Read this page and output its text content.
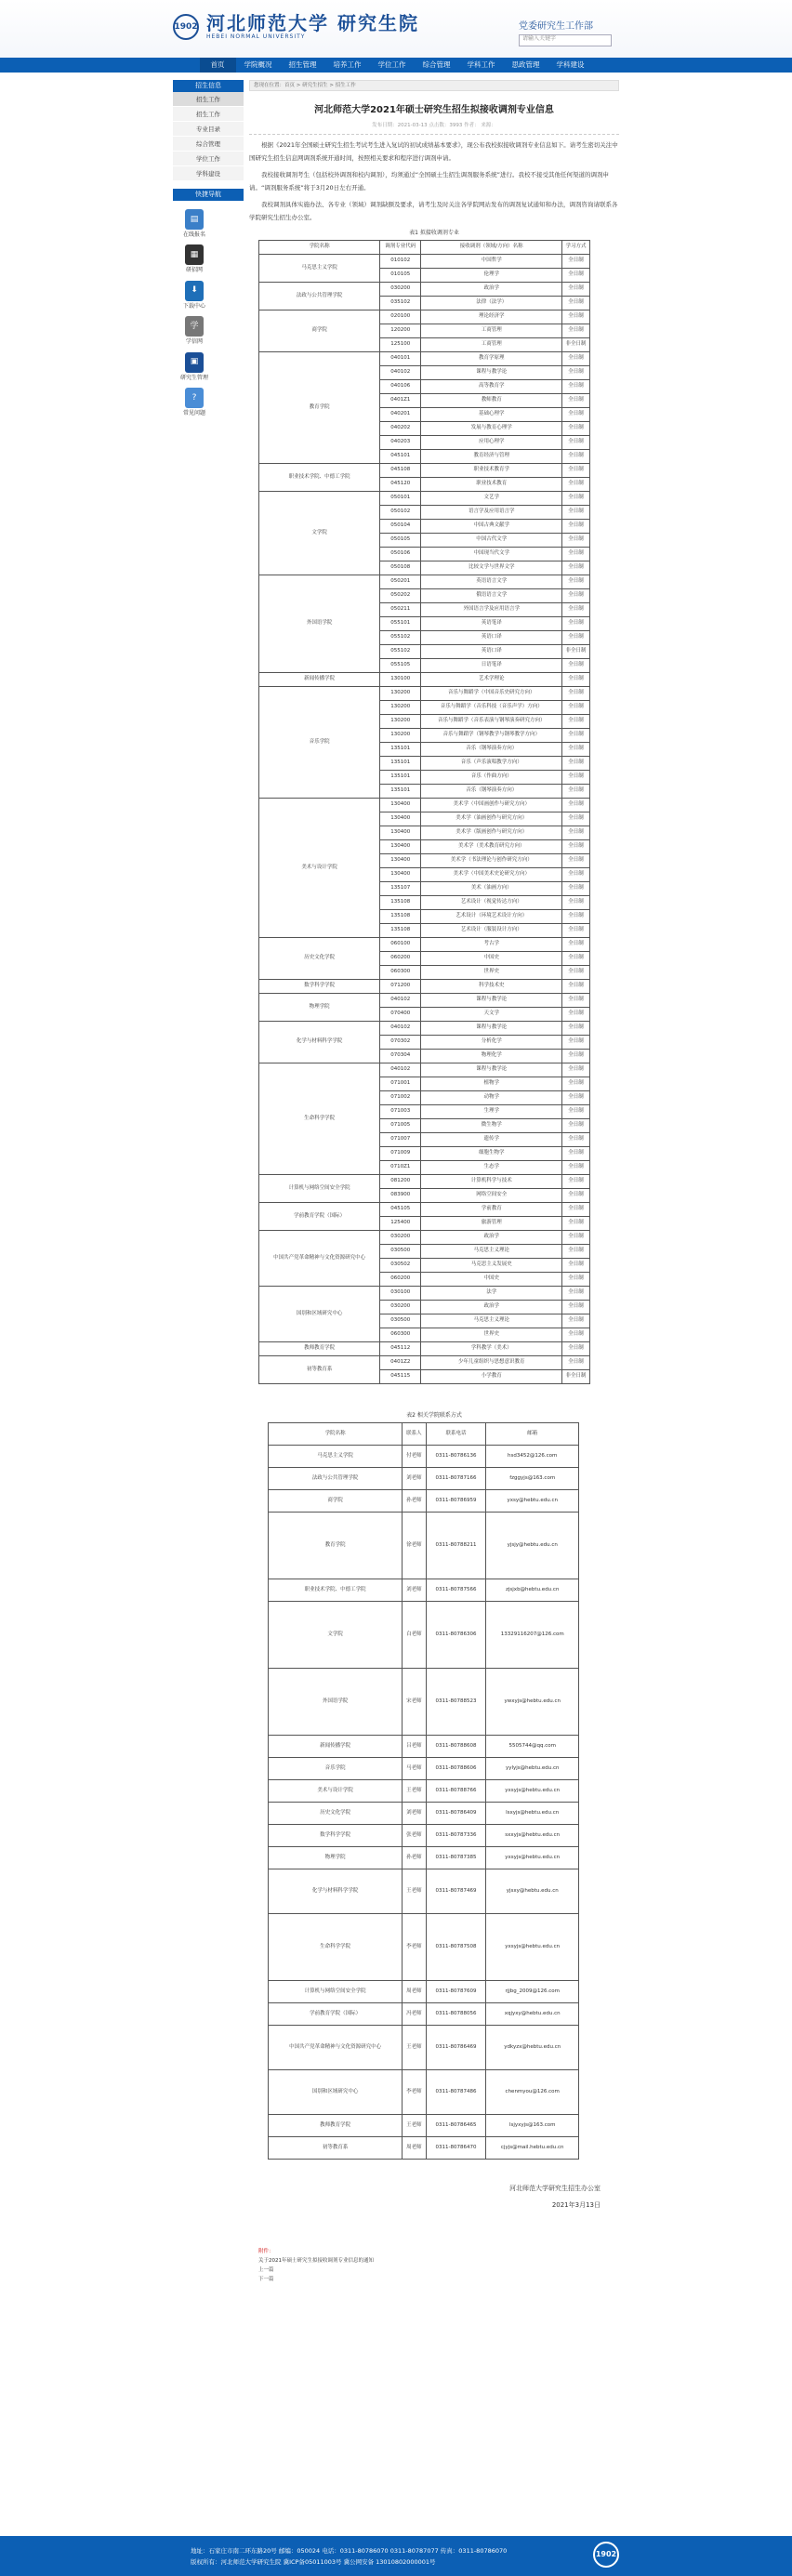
1902 河北师范大学 研究生院
HEBEI NORMAL UNIVERSITY
党委研究生工作部
请输入关键字
首页	学院概况	招生管理	培养工作	学位工作	综合管理	学科工作	思政管理	学科建设
招生信息
招生工作
招生工作
专业目录
综合管理
学位工作
学科建设
快捷导航
▤
在线报名
▦
研招网
⬇
下载中心
学
学信网
▣
研究生管理
?
常见问题
您现在位置：首页 > 研究生招生 > 招生工作
河北师范大学2021年硕士研究生招生拟接收调剂专业信息
发布日期：2021-03-13 点击数：3993 作者： 来源：

根据《2021年全国硕士研究生招生考试考生进入复试的初试成绩基本要求》，现公布我校拟接收调剂专业信息如下。请考生密切关注中国研究生招生信息网调剂系统开通时间，按照相关要求和程序进行调剂申请。

我校接收调剂考生（包括校外调剂和校内调剂），均须通过“全国硕士生招生调剂服务系统”进行。我校不接受其他任何渠道的调剂申请。“调剂服务系统”将于3月20日左右开通。

我校调剂具体实施办法、各专业（领域）调剂缺额及要求，请考生及时关注各学院网站发布的调剂复试通知和办法，调剂咨询请联系各学院研究生招生办公室。

表1 拟接收调剂专业
学院名称	调剂专业代码	接收调剂（领域/方向）名称	学习方式
马克思主义学院	010102	中国哲学	全日制
	010105	伦理学	全日制
法政与公共管理学院	030200	政治学	全日制
	035102	法律（法学）	全日制
商学院	020100	理论经济学	全日制
	120200	工商管理	全日制
	125100	工商管理	非全日制
教育学院	040101	教育学原理	全日制
	040102	课程与教学论	全日制
	040106	高等教育学	全日制
	0401Z1	教师教育	全日制
	040201	基础心理学	全日制
	040202	发展与教育心理学	全日制
	040203	应用心理学	全日制
	045101	教育经济与管理	全日制
职业技术学院、中德工学院	045108	职业技术教育学	全日制
	045120	职业技术教育	全日制
文学院	050101	文艺学	全日制
	050102	语言学及应用语言学	全日制
	050104	中国古典文献学	全日制
	050105	中国古代文学	全日制
	050106	中国现当代文学	全日制
	050108	比较文学与世界文学	全日制
外国语学院	050201	英语语言文学	全日制
	050202	俄语语言文学	全日制
	050211	外国语言学及应用语言学	全日制
	055101	英语笔译	全日制
	055102	英语口译	全日制
	055102	英语口译	非全日制
	055105	日语笔译	全日制
新闻传播学院	130100	艺术学理论	全日制
音乐学院	130200	音乐与舞蹈学（中国音乐史研究方向）	全日制
	130200	音乐与舞蹈学（音乐科技（音乐声学）方向）	全日制
	130200	音乐与舞蹈学（音乐表演与钢琴演奏研究方向）	全日制
	130200	音乐与舞蹈学（钢琴教学与钢琴教学方向）	全日制
	135101	音乐（钢琴演奏方向）	全日制
	135101	音乐（声乐演唱教学方向）	全日制
	135101	音乐（作曲方向）	全日制
	135101	音乐（钢琴演奏方向）	全日制
美术与设计学院	130400	美术学（中国画创作与研究方向）	全日制
	130400	美术学（油画创作与研究方向）	全日制
	130400	美术学（版画创作与研究方向）	全日制
	130400	美术学（美术教育研究方向）	全日制
	130400	美术学（书法理论与创作研究方向）	全日制
	130400	美术学（中国美术史论研究方向）	全日制
	135107	美术（油画方向）	全日制
	135108	艺术设计（视觉传达方向）	全日制
	135108	艺术设计（环境艺术设计方向）	全日制
	135108	艺术设计（服装设计方向）	全日制
历史文化学院	060100	考古学	全日制
	060200	中国史	全日制
	060300	世界史	全日制
数学科学学院	071200	科学技术史	全日制
物理学院	040102	课程与教学论	全日制
	070400	天文学	全日制
化学与材料科学学院	040102	课程与教学论	全日制
	070302	分析化学	全日制
	070304	物理化学	全日制
生命科学学院	040102	课程与教学论	全日制
	071001	植物学	全日制
	071002	动物学	全日制
	071003	生理学	全日制
	071005	微生物学	全日制
	071007	遗传学	全日制
	071009	细胞生物学	全日制
	0710Z1	生态学	全日制
计算机与网络空间安全学院	081200	计算机科学与技术	全日制
	083900	网络空间安全	全日制
学前教育学院（国际）	045105	学前教育	全日制
	125400	旅游管理	全日制
中国共产党革命精神与文化资源研究中心	030200	政治学	全日制
	030500	马克思主义理论	全日制
	030502	马克思主义发展史	全日制
	060200	中国史	全日制
国别和区域研究中心	030100	法学	全日制
	030200	政治学	全日制
	030500	马克思主义理论	全日制
	060300	世界史	全日制
教师教育学院	045112	学科教学（美术）	全日制
初等教育系	0401Z2	少年儿童组织与思想意识教育	全日制
	045115	小学教育	非全日制
表2 相关学院联系方式
学院名称	联系人	联系电话	邮箱
马克思主义学院	付老师	0311-80786136	hsd3452@126.com
法政与公共管理学院	刘老师	0311-80787166	fzggyjs@163.com
商学院	孙老师	0311-80786959	yxsy@hebtu.edu.cn
教育学院	徐老师	0311-80788211	yjsjy@hebtu.edu.cn
职业技术学院、中德工学院	刘老师	0311-80787566	zjsjxb@hebtu.edu.cn
文学院	白老师	0311-80786306	13329116207@126.com
外国语学院	宋老师	0311-80788523	ywxyjs@hebtu.edu.cn
新闻传播学院	吕老师	0311-80788608	5505744@qq.com
音乐学院	马老师	0311-80788606	yylyjs@hebtu.edu.cn
美术与设计学院	王老师	0311-80788766	yxsyjs@hebtu.edu.cn
历史文化学院	刘老师	0311-80786409	lsxyjs@hebtu.edu.cn
数学科学学院	张老师	0311-80787336	sxxyjs@hebtu.edu.cn
物理学院	孙老师	0311-80787385	yxsyjs@hebtu.edu.cn
化学与材料科学学院	王老师	0311-80787469	yjsxy@hebtu.edu.cn
生命科学学院	李老师	0311-80787508	yxsyjs@hebtu.edu.cn
计算机与网络空间安全学院	周老师	0311-80787609	rjjbg_2009@126.com
学前教育学院（国际）	冯老师	0311-80788056	xqjyxy@hebtu.edu.cn
中国共产党革命精神与文化资源研究中心	王老师	0311-80786469	ydkyzx@hebtu.edu.cn
国别和区域研究中心	李老师	0311-80787486	chenmyou@126.com
教师教育学院	王老师	0311-80786465	lsjyxyjs@163.com
初等教育系	周老师	0311-80786470	cjyjs@mail.hebtu.edu.cn
河北师范大学研究生招生办公室
2021年3月13日
附件：
关于2021年硕士研究生拟接收调剂专业信息的通知
上一篇
下一篇
地址：石家庄市南二环东路20号 邮编：050024 电话：0311-80786070 0311-80787077 传真：0311-80786070
版权所有：河北师范大学研究生院 冀ICP备05011003号 冀公网安备 13010802000001号
1902
